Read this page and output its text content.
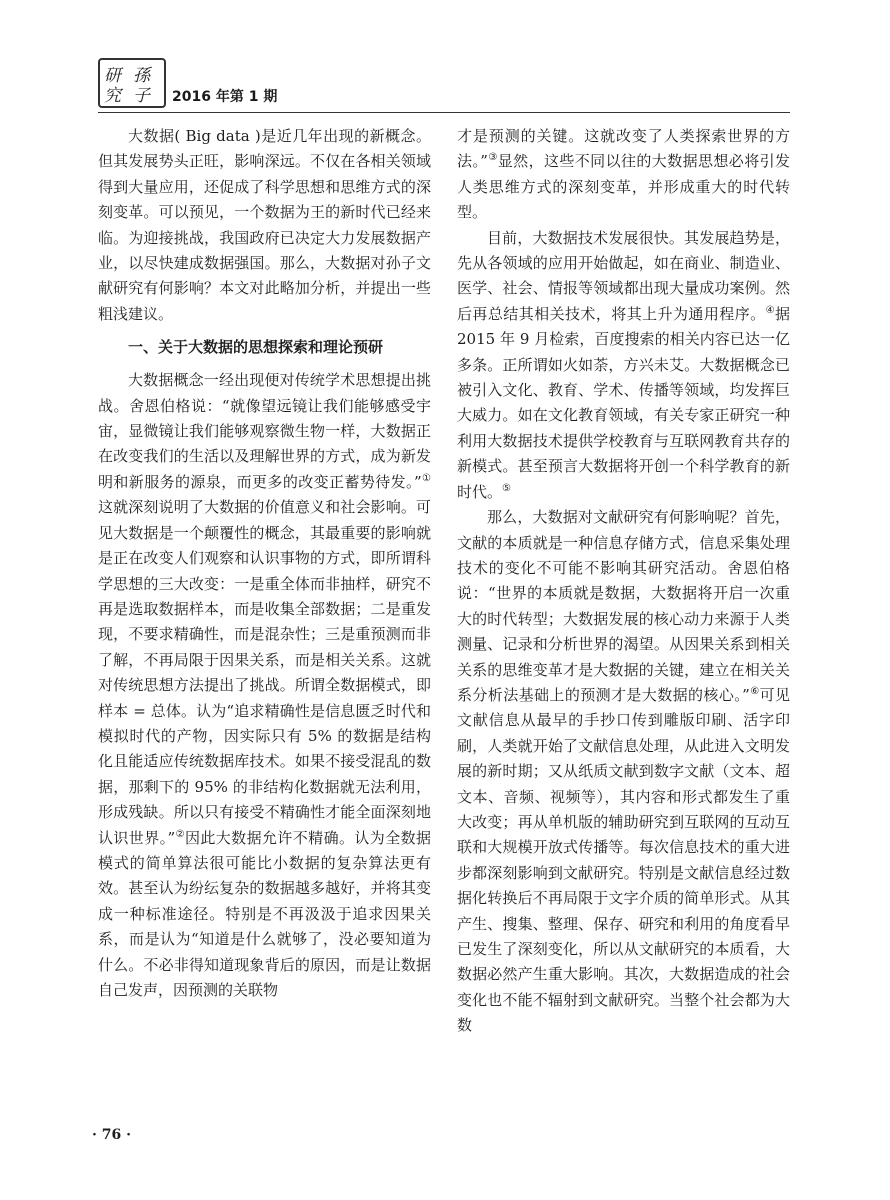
研 孫
究 子 2016 年第 1 期

大数据( Big data )是近几年出现的新概念。但其发展势头正旺，影响深远。不仅在各相关领域得到大量应用，还促成了科学思想和思维方式的深刻变革。可以预见，一个数据为王的新时代已经来临。为迎接挑战，我国政府已决定大力发展数据产业，以尽快建成数据强国。那么，大数据对孙子文献研究有何影响？本文对此略加分析，并提出一些粗浅建议。

一、关于大数据的思想探索和理论预研

大数据概念一经出现便对传统学术思想提出挑战。舍恩伯格说：“就像望远镜让我们能够感受宇宙，显微镜让我们能够观察微生物一样，大数据正在改变我们的生活以及理解世界的方式，成为新发明和新服务的源泉，而更多的改变正蓄势待发。”①这就深刻说明了大数据的价值意义和社会影响。可见大数据是一个颠覆性的概念，其最重要的影响就是正在改变人们观察和认识事物的方式，即所谓科学思想的三大改变：一是重全体而非抽样，研究不再是选取数据样本，而是收集全部数据；二是重发现，不要求精确性，而是混杂性；三是重预测而非了解，不再局限于因果关系，而是相关关系。这就对传统思想方法提出了挑战。所谓全数据模式，即样本 = 总体。认为“追求精确性是信息匮乏时代和模拟时代的产物，因实际只有 5% 的数据是结构化且能适应传统数据库技术。如果不接受混乱的数据，那剩下的 95% 的非结构化数据就无法利用，形成残缺。所以只有接受不精确性才能全面深刻地认识世界。”②因此大数据允许不精确。认为全数据模式的简单算法很可能比小数据的复杂算法更有效。甚至认为纷纭复杂的数据越多越好，并将其变成一种标准途径。特别是不再汲汲于追求因果关系，而是认为“知道是什么就够了，没必要知道为什么。不必非得知道现象背后的原因，而是让数据自己发声，因预测的关联物

才是预测的关键。这就改变了人类探索世界的方法。”③显然，这些不同以往的大数据思想必将引发人类思维方式的深刻变革，并形成重大的时代转型。

目前，大数据技术发展很快。其发展趋势是，先从各领域的应用开始做起，如在商业、制造业、医学、社会、情报等领域都出现大量成功案例。然后再总结其相关技术，将其上升为通用程序。④据 2015 年 9 月检索，百度搜索的相关内容已达一亿多条。正所谓如火如荼，方兴未艾。大数据概念已被引入文化、教育、学术、传播等领域，均发挥巨大威力。如在文化教育领域，有关专家正研究一种利用大数据技术提供学校教育与互联网教育共存的新模式。甚至预言大数据将开创一个科学教育的新时代。⑤

那么，大数据对文献研究有何影响呢？首先，文献的本质就是一种信息存储方式，信息采集处理技术的变化不可能不影响其研究活动。舍恩伯格说：“世界的本质就是数据，大数据将开启一次重大的时代转型；大数据发展的核心动力来源于人类测量、记录和分析世界的渴望。从因果关系到相关关系的思维变革才是大数据的关键，建立在相关关系分析法基础上的预测才是大数据的核心。”⑥可见文献信息从最早的手抄口传到雕版印刷、活字印刷，人类就开始了文献信息处理，从此进入文明发展的新时期；又从纸质文献到数字文献（文本、超文本、音频、视频等），其内容和形式都发生了重大改变；再从单机版的辅助研究到互联网的互动互联和大规模开放式传播等。每次信息技术的重大进步都深刻影响到文献研究。特别是文献信息经过数据化转换后不再局限于文字介质的简单形式。从其产生、搜集、整理、保存、研究和利用的角度看早已发生了深刻变化，所以从文献研究的本质看，大数据必然产生重大影响。其次，大数据造成的社会变化也不能不辐射到文献研究。当整个社会都为大数

· 76 ·
